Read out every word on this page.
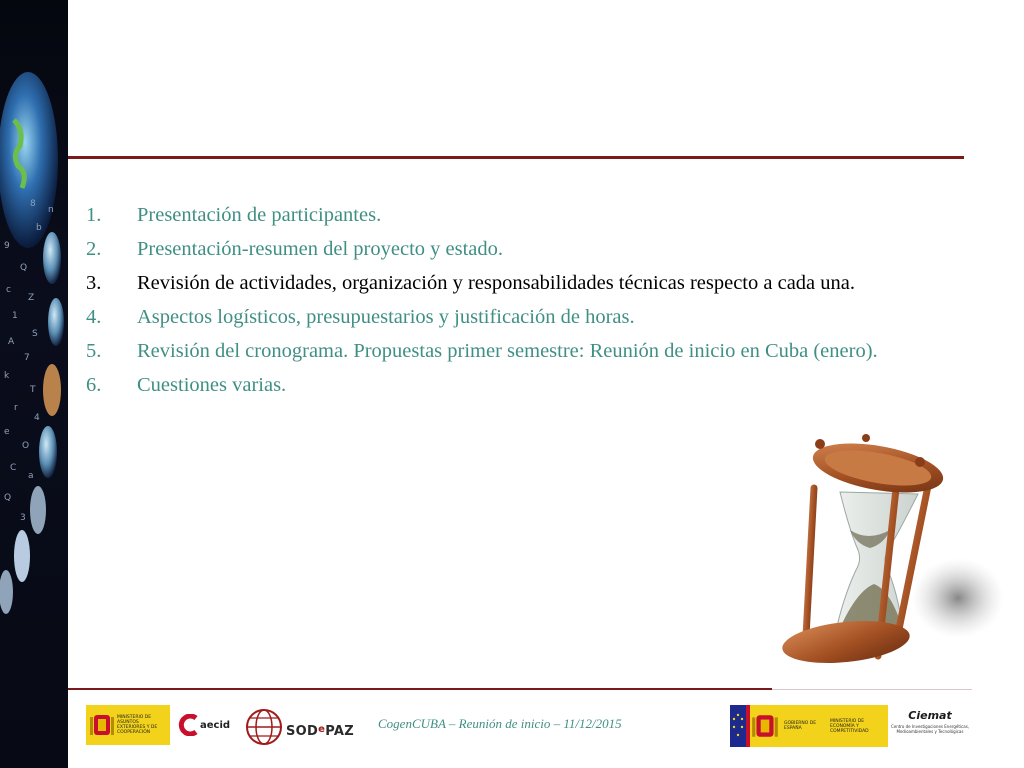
9
Q
c
Z
1
S
A
7
k
T
r
4
e
O
C
a
Q
3
b
n
8 1.	Presentación de participantes.
2.	Presentación-resumen del proyecto y estado.
3.	Revisión de actividades, organización y responsabilidades técnicas respecto a cada una.
4.	Aspectos logísticos, presupuestarios y justificación de horas.
5.	Revisión del cronograma. Propuestas primer semestre: Reunión de inicio en Cuba (enero).
6.	Cuestiones varias.
MINISTERIO DE ASUNTOS EXTERIORES Y DE COOPERACIÓN
aecid	SOD$^e$PAZ
CogenCUBA – Reunión de inicio – 11/12/2015	GOBIERNO DE ESPAÑA
MINISTERIO DE ECONOMÍA Y COMPETITIVIDAD
Ciemat
Centro de Investigaciones Energéticas, Medioambientales y Tecnológicas
